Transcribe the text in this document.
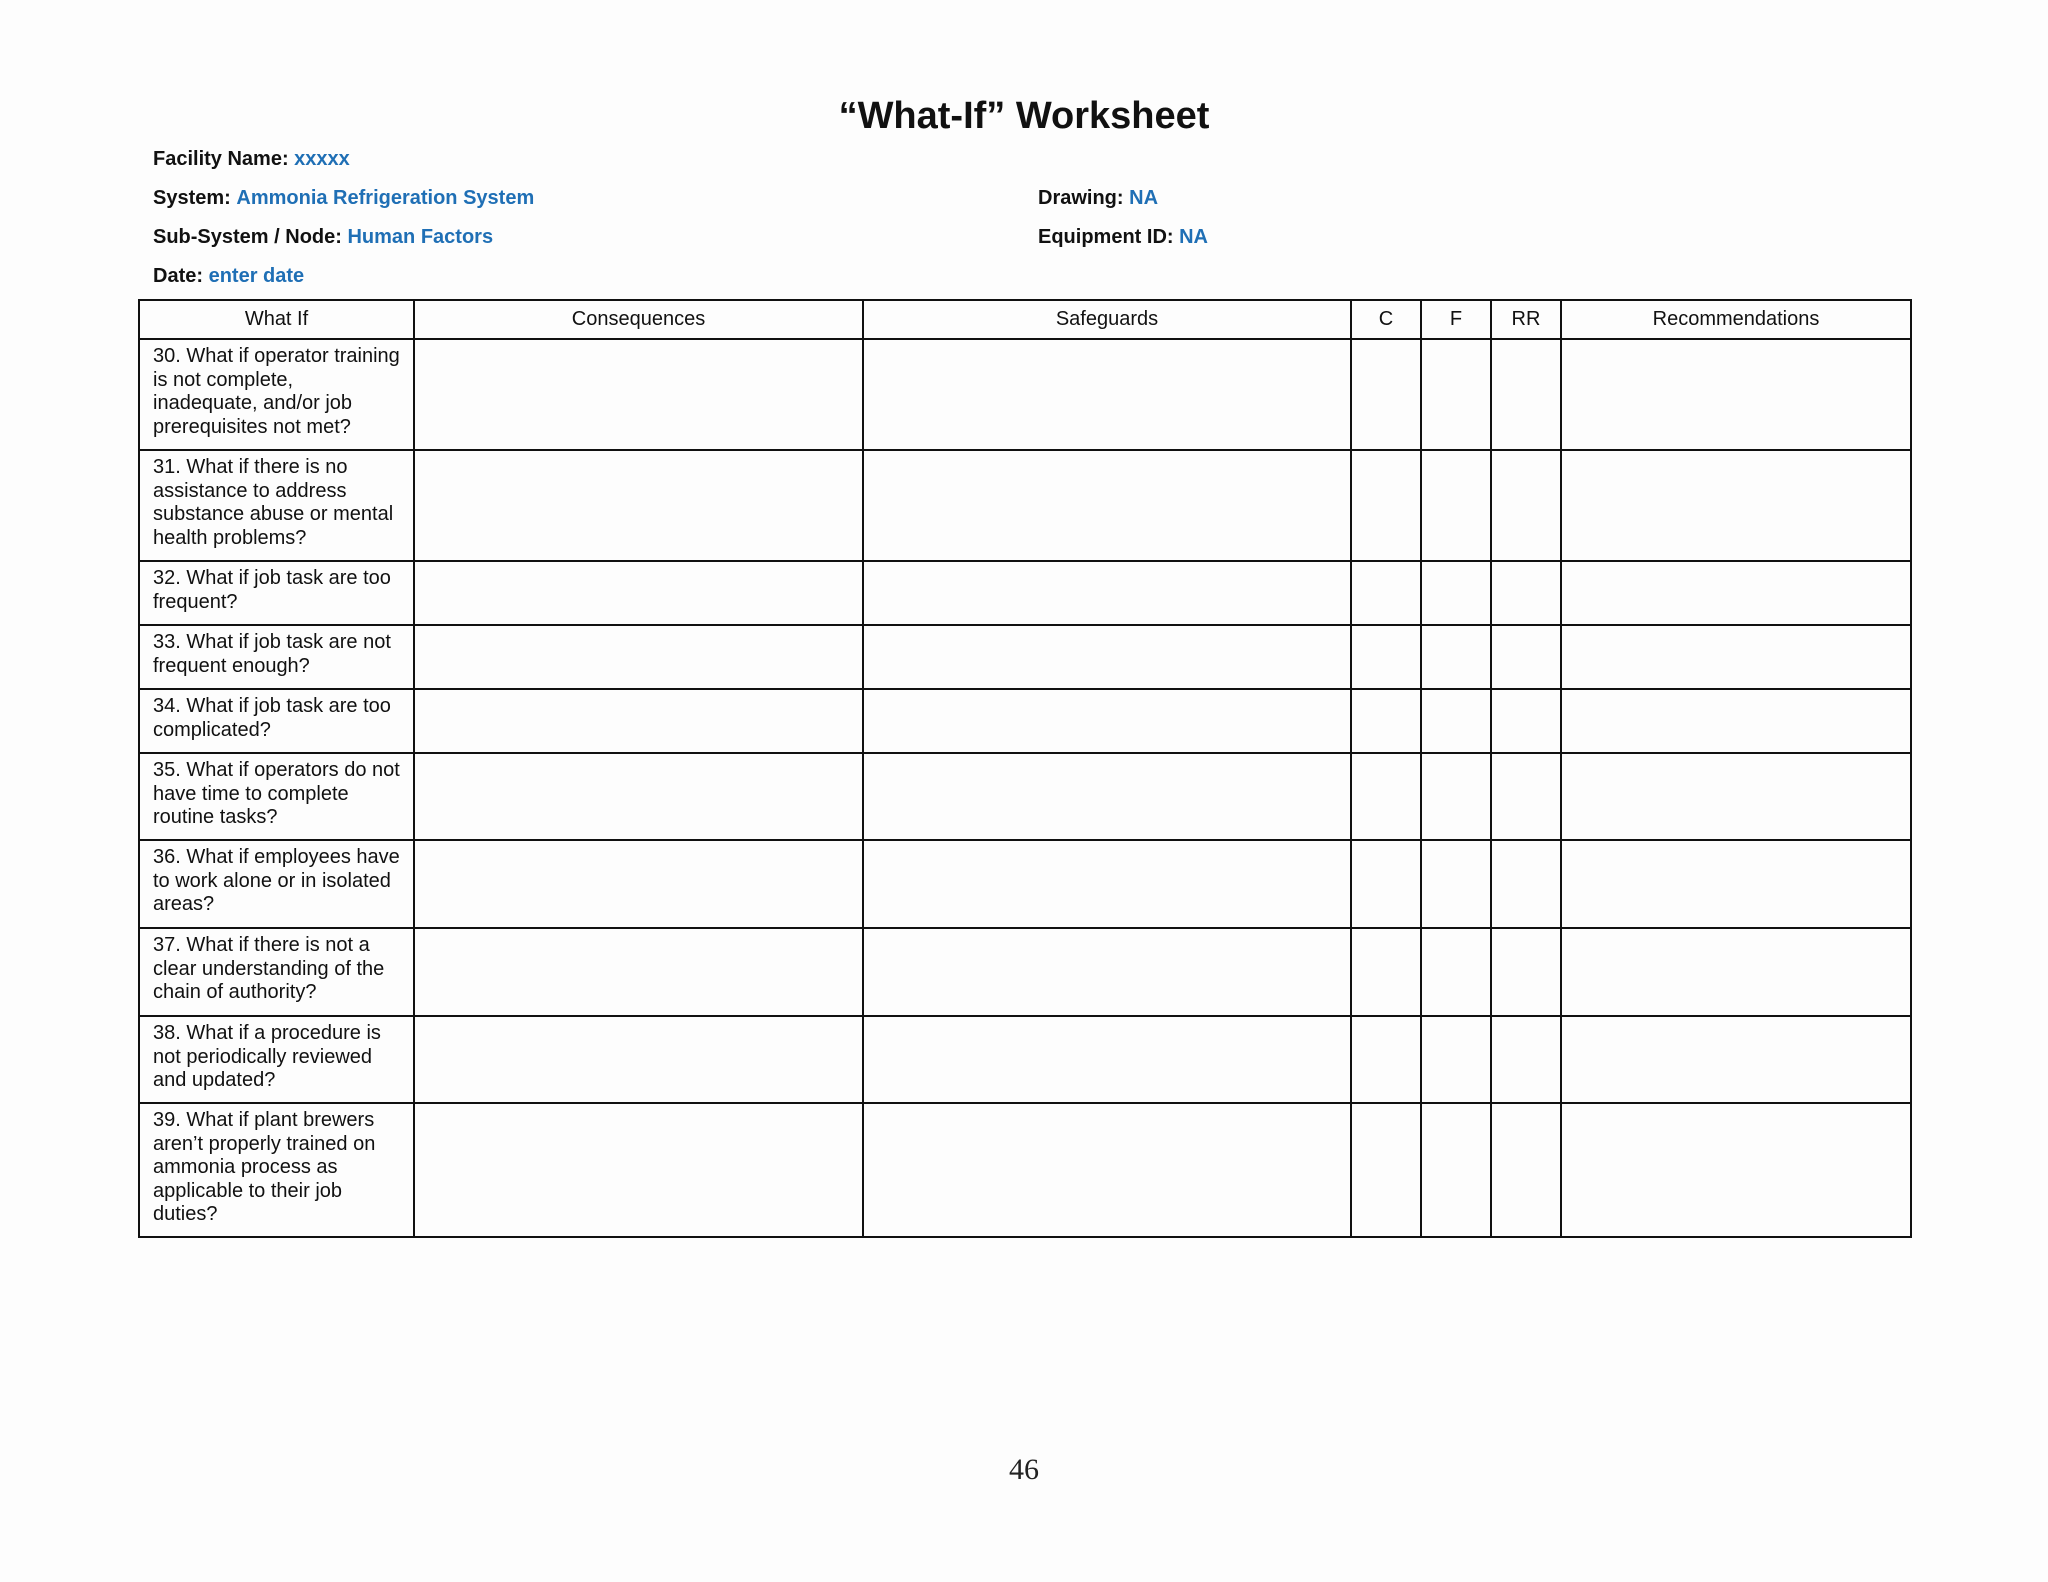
“What-If” Worksheet
Facility Name: xxxxx
System: Ammonia Refrigeration System	Drawing: NA
Sub-System / Node: Human Factors	Equipment ID: NA
Date: enter date
What If	Consequences	Safeguards	C	F	RR	Recommendations
30. What if operator training is not complete, inadequate, and/or job prerequisites not met?						
31. What if there is no assistance to address substance abuse or mental health problems?						
32. What if job task are too frequent?						
33. What if job task are not frequent enough?						
34. What if job task are too complicated?						
35. What if operators do not have time to complete routine tasks?						
36. What if employees have to work alone or in isolated areas?						
37. What if there is not a clear understanding of the chain of authority?						
38. What if a procedure is not periodically reviewed and updated?						
39. What if plant brewers aren’t properly trained on ammonia process as applicable to their job duties?						
46
